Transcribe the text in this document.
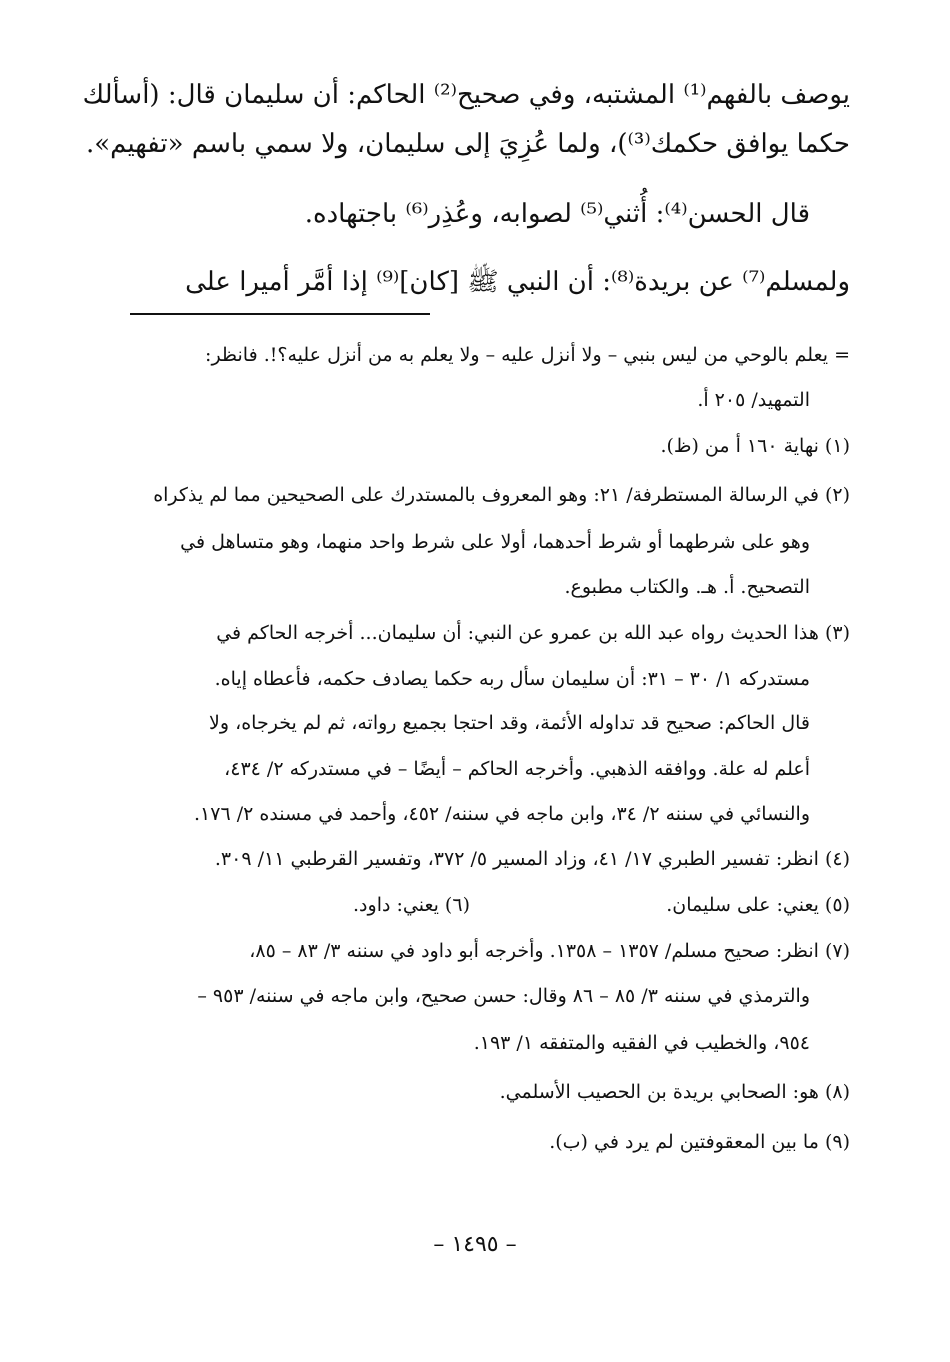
يوصف بالفهم⁽¹⁾ المشتبه، وفي صحيح⁽²⁾ الحاكم: أن سليمان قال: (أسألك
حكما يوافق حكمك⁽³⁾)، ولما عُزِيَ إلى سليمان، ولا سمي باسم «تفهيم».
قال الحسن⁽⁴⁾: أُثني⁽⁵⁾ لصوابه، وعُذِر⁽⁶⁾ باجتهاده.
ولمسلم⁽⁷⁾ عن بريدة⁽⁸⁾: أن النبي ﷺ [كان]⁽⁹⁾ إذا أمَّر أميرا على
= يعلم بالوحي من ليس بنبي – ولا أنزل عليه – ولا يعلم به من أنزل عليه؟!. فانظر:
التمهيد/ ٢٠٥ أ.
(١) نهاية ١٦٠ أ من (ظ).
(٢) في الرسالة المستطرفة/ ٢١: وهو المعروف بالمستدرك على الصحيحين مما لم يذكراه
وهو على شرطهما أو شرط أحدهما، أولا على شرط واحد منهما، وهو متساهل في
التصحيح. أ. هـ. والكتاب مطبوع.
(٣) هذا الحديث رواه عبد الله بن عمرو عن النبي: أن سليمان... أخرجه الحاكم في
مستدركه ١/ ٣٠ – ٣١: أن سليمان سأل ربه حكما يصادف حكمه، فأعطاه إياه.
قال الحاكم: صحيح قد تداوله الأئمة، وقد احتجا بجميع رواته، ثم لم يخرجاه، ولا
أعلم له علة. ووافقه الذهبي. وأخرجه الحاكم – أيضًا – في مستدركه ٢/ ٤٣٤،
والنسائي في سننه ٢/ ٣٤، وابن ماجه في سننه/ ٤٥٢، وأحمد في مسنده ٢/ ١٧٦.
(٤) انظر: تفسير الطبري ١٧/ ٤١، وزاد المسير ٥/ ٣٧٢، وتفسير القرطبي ١١/ ٣٠٩.
(٥) يعني: على سليمان.
(٦) يعني: داود.
(٧) انظر: صحيح مسلم/ ١٣٥٧ – ١٣٥٨. وأخرجه أبو داود في سننه ٣/ ٨٣ – ٨٥،
والترمذي في سننه ٣/ ٨٥ – ٨٦ وقال: حسن صحيح، وابن ماجه في سننه/ ٩٥٣ –
٩٥٤، والخطيب في الفقيه والمتفقه ١/ ١٩٣.
(٨) هو: الصحابي بريدة بن الحصيب الأسلمي.
(٩) ما بين المعقوفتين لم يرد في (ب).
– ١٤٩٥ –
